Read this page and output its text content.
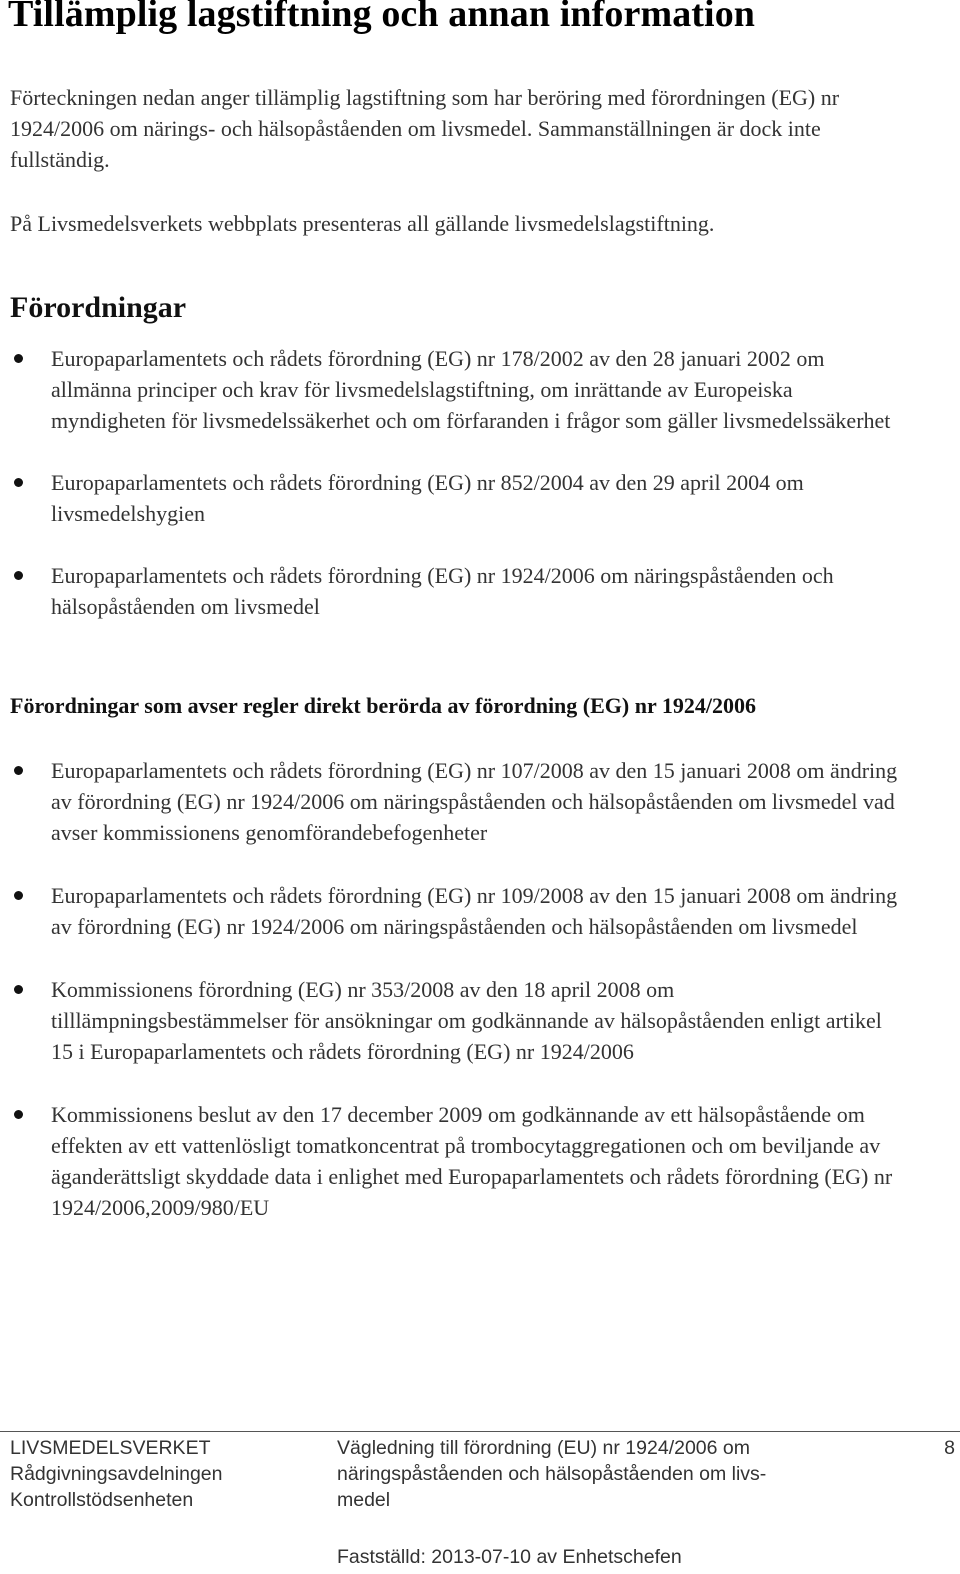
Tillämplig lagstiftning och annan information

Förteckningen nedan anger tillämplig lagstiftning som har beröring med förordningen (EG) nr 1924/2006 om närings- och hälsopåståenden om livsmedel. Sammanställningen är dock inte fullständig.

På Livsmedelsverkets webbplats presenteras all gällande livsmedelslagstiftning.

Förordningar
Europaparlamentets och rådets förordning (EG) nr 178/2002 av den 28 januari 2002 om allmänna principer och krav för livsmedelslagstiftning, om inrättande av Europeiska myndigheten för livsmedelssäkerhet och om förfaranden i frågor som gäller livsmedelssäkerhet
Europaparlamentets och rådets förordning (EG) nr 852/2004 av den 29 april 2004 om livsmedelshygien
Europaparlamentets och rådets förordning (EG) nr 1924/2006 om näringspåståenden och hälsopåståenden om livsmedel
Förordningar som avser regler direkt berörda av förordning (EG) nr 1924/2006
Europaparlamentets och rådets förordning (EG) nr 107/2008 av den 15 januari 2008 om ändring av förordning (EG) nr 1924/2006 om näringspåståenden och hälsopåståenden om livsmedel vad avser kommissionens genomförandebefogenheter
Europaparlamentets och rådets förordning (EG) nr 109/2008 av den 15 januari 2008 om ändring av förordning (EG) nr 1924/2006 om näringspåståenden och hälsopåståenden om livsmedel
Kommissionens förordning (EG) nr 353/2008 av den 18 april 2008 om tilllämpningsbestämmelser för ansökningar om godkännande av hälsopåståenden enligt artikel 15 i Europaparlamentets och rådets förordning (EG) nr 1924/2006
Kommissionens beslut av den 17 december 2009 om godkännande av ett hälsopåstående om effekten av ett vattenlösligt tomatkoncentrat på trombocytaggregationen och om beviljande av äganderättsligt skyddade data i enlighet med Europaparlamentets och rådets förordning (EG) nr 1924/2006,2009/980/EU
LIVSMEDELSVERKET
Rådgivningsavdelningen
Kontrollstödsenheten
Vägledning till förordning (EU) nr 1924/2006 om
näringspåståenden och hälsopåståenden om livs-
medel
8
Fastställd: 2013-07-10 av Enhetschefen
